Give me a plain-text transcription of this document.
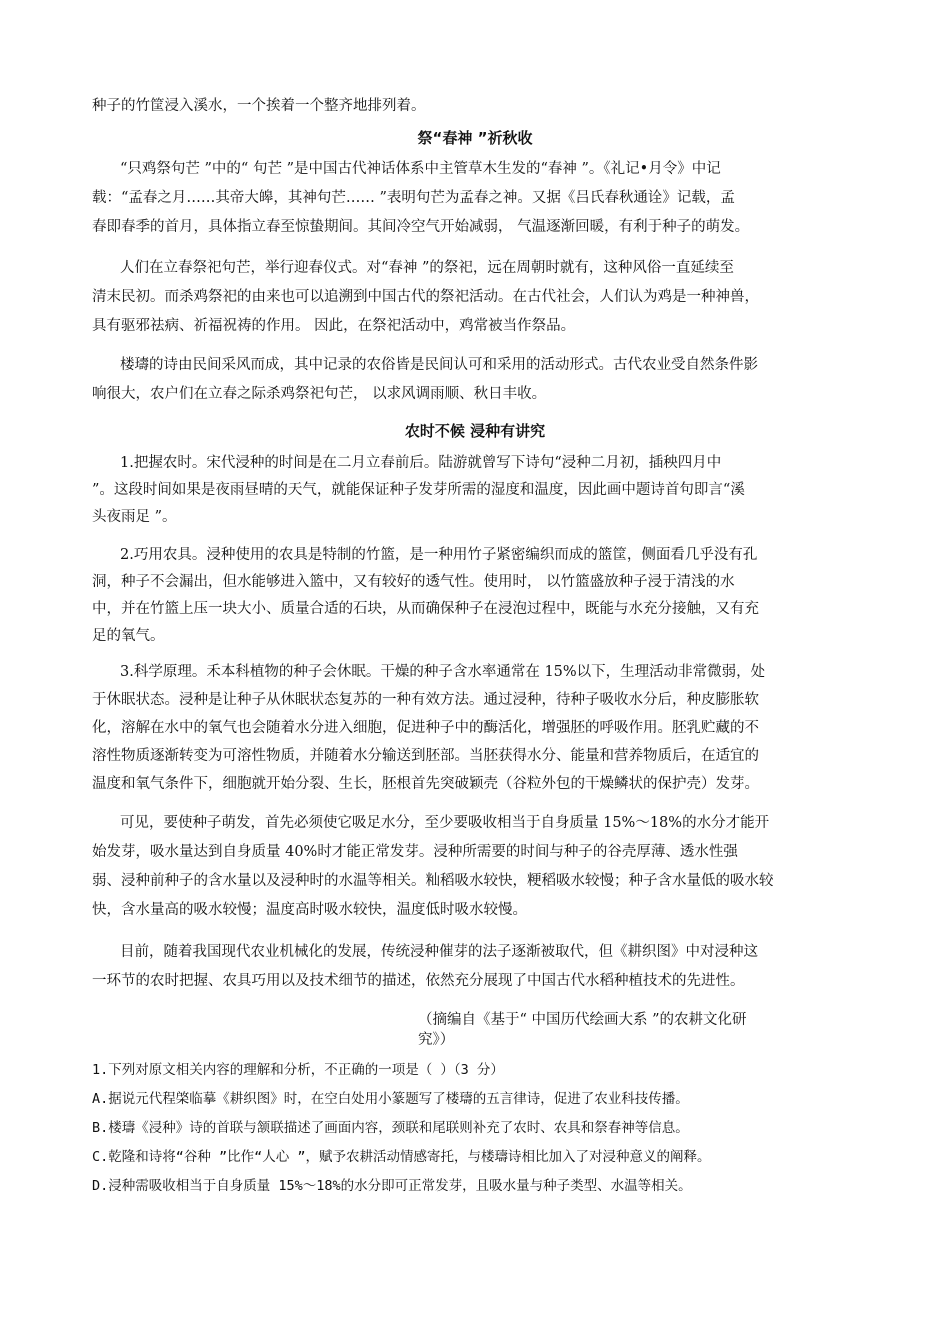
种子的竹筐浸入溪水，一个挨着一个整齐地排列着。
祭“春神 ”祈秋收
“只鸡祭句芒 ”中的“ 句芒 ”是中国古代神话体系中主管草木生发的“春神 ”。《礼记•月令》中记
载：“孟春之月……其帝大皞，其神句芒…… ”表明句芒为孟春之神。又据《吕氏春秋通诠》记载，孟
春即春季的首月，具体指立春至惊蛰期间。其间冷空气开始减弱， 气温逐渐回暖，有利于种子的萌发。
人们在立春祭祀句芒，举行迎春仪式。对“春神 ”的祭祀，远在周朝时就有，这种风俗一直延续至
清末民初。而杀鸡祭祀的由来也可以追溯到中国古代的祭祀活动。在古代社会，人们认为鸡是一种神兽，
具有驱邪祛病、祈福祝祷的作用。 因此，在祭祀活动中，鸡常被当作祭品。
楼璹的诗由民间采风而成，其中记录的农俗皆是民间认可和采用的活动形式。古代农业受自然条件影
响很大，农户们在立春之际杀鸡祭祀句芒， 以求风调雨顺、秋日丰收。
农时不候 浸种有讲究
1.把握农时。宋代浸种的时间是在二月立春前后。陆游就曾写下诗句“浸种二月初，插秧四月中
”。这段时间如果是夜雨昼晴的天气，就能保证种子发芽所需的湿度和温度，因此画中题诗首句即言“溪
头夜雨足 ”。
2.巧用农具。浸种使用的农具是特制的竹篮，是一种用竹子紧密编织而成的篮筐，侧面看几乎没有孔
洞，种子不会漏出，但水能够进入篮中，又有较好的透气性。使用时， 以竹篮盛放种子浸于清浅的水
中，并在竹篮上压一块大小、质量合适的石块，从而确保种子在浸泡过程中，既能与水充分接触，又有充
足的氧气。
3.科学原理。禾本科植物的种子会休眠。干燥的种子含水率通常在 15%以下，生理活动非常微弱，处
于休眠状态。浸种是让种子从休眠状态复苏的一种有效方法。通过浸种，待种子吸收水分后，种皮膨胀软
化，溶解在水中的氧气也会随着水分进入细胞，促进种子中的酶活化，增强胚的呼吸作用。胚乳贮藏的不
溶性物质逐渐转变为可溶性物质，并随着水分输送到胚部。当胚获得水分、能量和营养物质后，在适宜的
温度和氧气条件下，细胞就开始分裂、生长，胚根首先突破颖壳（谷粒外包的干燥鳞状的保护壳）发芽。
可见，要使种子萌发，首先必须使它吸足水分，至少要吸收相当于自身质量 15%～18%的水分才能开
始发芽，吸水量达到自身质量 40%时才能正常发芽。浸种所需要的时间与种子的谷壳厚薄、透水性强
弱、浸种前种子的含水量以及浸种时的水温等相关。籼稻吸水较快，粳稻吸水较慢；种子含水量低的吸水较
快，含水量高的吸水较慢；温度高时吸水较快，温度低时吸水较慢。
目前，随着我国现代农业机械化的发展，传统浸种催芽的法子逐渐被取代，但《耕织图》中对浸种这
一环节的农时把握、农具巧用以及技术细节的描述，依然充分展现了中国古代水稻种植技术的先进性。
（摘编自《基于“ 中国历代绘画大系 ”的农耕文化研
究》）
1.下列对原文相关内容的理解和分析，不正确的一项是（ ）（3 分）
A.据说元代程棨临摹《耕织图》时，在空白处用小篆题写了楼璹的五言律诗，促进了农业科技传播。
B.楼璹《浸种》诗的首联与颔联描述了画面内容，颈联和尾联则补充了农时、农具和祭春神等信息。
C.乾隆和诗将“谷种 ”比作“人心 ”，赋予农耕活动情感寄托，与楼璹诗相比加入了对浸种意义的阐释。
D.浸种需吸收相当于自身质量 15%～18%的水分即可正常发芽，且吸水量与种子类型、水温等相关。
